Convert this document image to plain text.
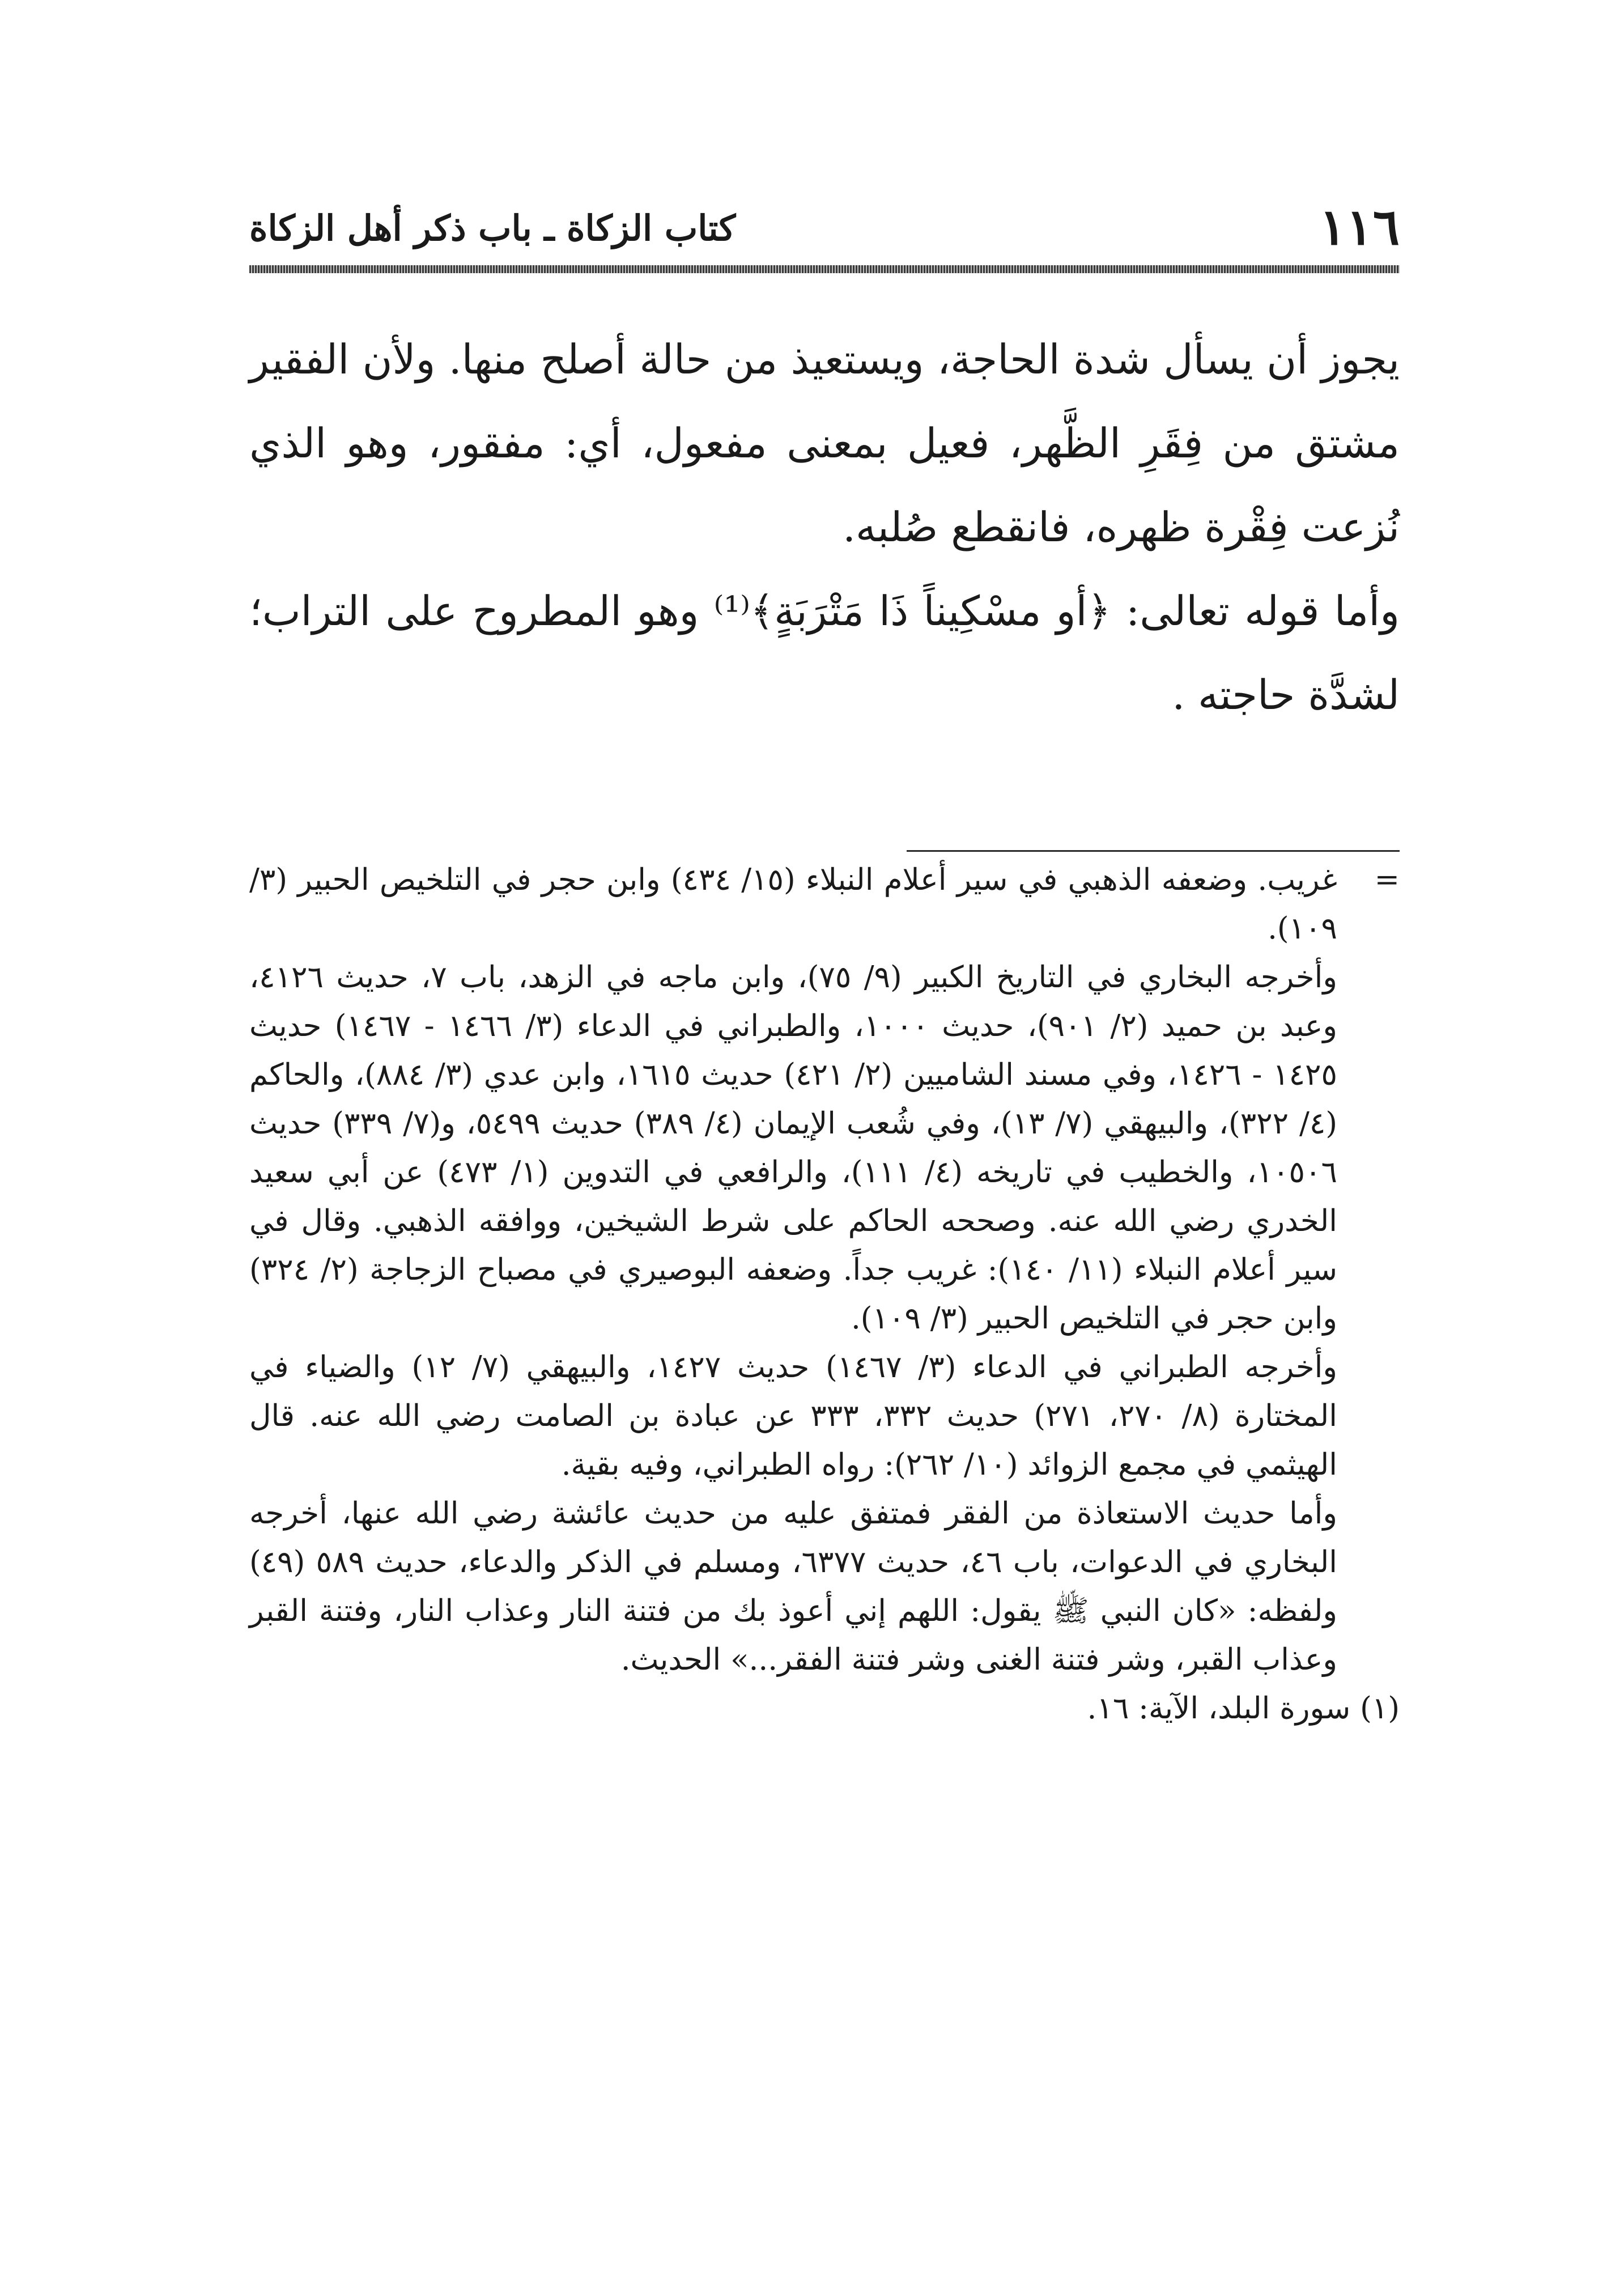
١١٦
كتاب الزكاة ـ باب ذكر أهل الزكاة

يجوز أن يسأل شدة الحاجة، ويستعيذ من حالة أصلح منها. ولأن الفقير مشتق من فِقَرِ الظَّهر، فعيل بمعنى مفعول، أي: مفقور، وهو الذي نُزعت فِقْرة ظهره، فانقطع صُلبه.

وأما قوله تعالى: ﴿أو مسْكِيناً ذَا مَتْرَبَةٍ﴾⁽¹⁾ وهو المطروح على التراب؛ لشدَّة حاجته .

=
غريب. وضعفه الذهبي في سير أعلام النبلاء (١٥/ ٤٣٤) وابن حجر في التلخيص الحبير (٣/ ١٠٩).

وأخرجه البخاري في التاريخ الكبير (٩/ ٧٥)، وابن ماجه في الزهد، باب ٧، حديث ٤١٢٦، وعبد بن حميد (٢/ ٩٠١)، حديث ١٠٠٠، والطبراني في الدعاء (٣/ ١٤٦٦ - ١٤٦٧) حديث ١٤٢٥ - ١٤٢٦، وفي مسند الشاميين (٢/ ٤٢١) حديث ١٦١٥، وابن عدي (٣/ ٨٨٤)، والحاكم (٤/ ٣٢٢)، والبيهقي (٧/ ١٣)، وفي شُعب الإيمان (٤/ ٣٨٩) حديث ٥٤٩٩، و(٧/ ٣٣٩) حديث ١٠٥٠٦، والخطيب في تاريخه (٤/ ١١١)، والرافعي في التدوين (١/ ٤٧٣) عن أبي سعيد الخدري رضي الله عنه. وصححه الحاكم على شرط الشيخين، ووافقه الذهبي. وقال في سير أعلام النبلاء (١١/ ١٤٠): غريب جداً. وضعفه البوصيري في مصباح الزجاجة (٢/ ٣٢٤) وابن حجر في التلخيص الحبير (٣/ ١٠٩).

وأخرجه الطبراني في الدعاء (٣/ ١٤٦٧) حديث ١٤٢٧، والبيهقي (٧/ ١٢) والضياء في المختارة (٨/ ٢٧٠، ٢٧١) حديث ٣٣٢، ٣٣٣ عن عبادة بن الصامت رضي الله عنه. قال الهيثمي في مجمع الزوائد (١٠/ ٢٦٢): رواه الطبراني، وفيه بقية.

وأما حديث الاستعاذة من الفقر فمتفق عليه من حديث عائشة رضي الله عنها، أخرجه البخاري في الدعوات، باب ٤٦، حديث ٦٣٧٧، ومسلم في الذكر والدعاء، حديث ٥٨٩ (٤٩) ولفظه: «كان النبي ﷺ يقول: اللهم إني أعوذ بك من فتنة النار وعذاب النار، وفتنة القبر وعذاب القبر، وشر فتنة الغنى وشر فتنة الفقر...» الحديث.

(١) سورة البلد، الآية: ١٦.
